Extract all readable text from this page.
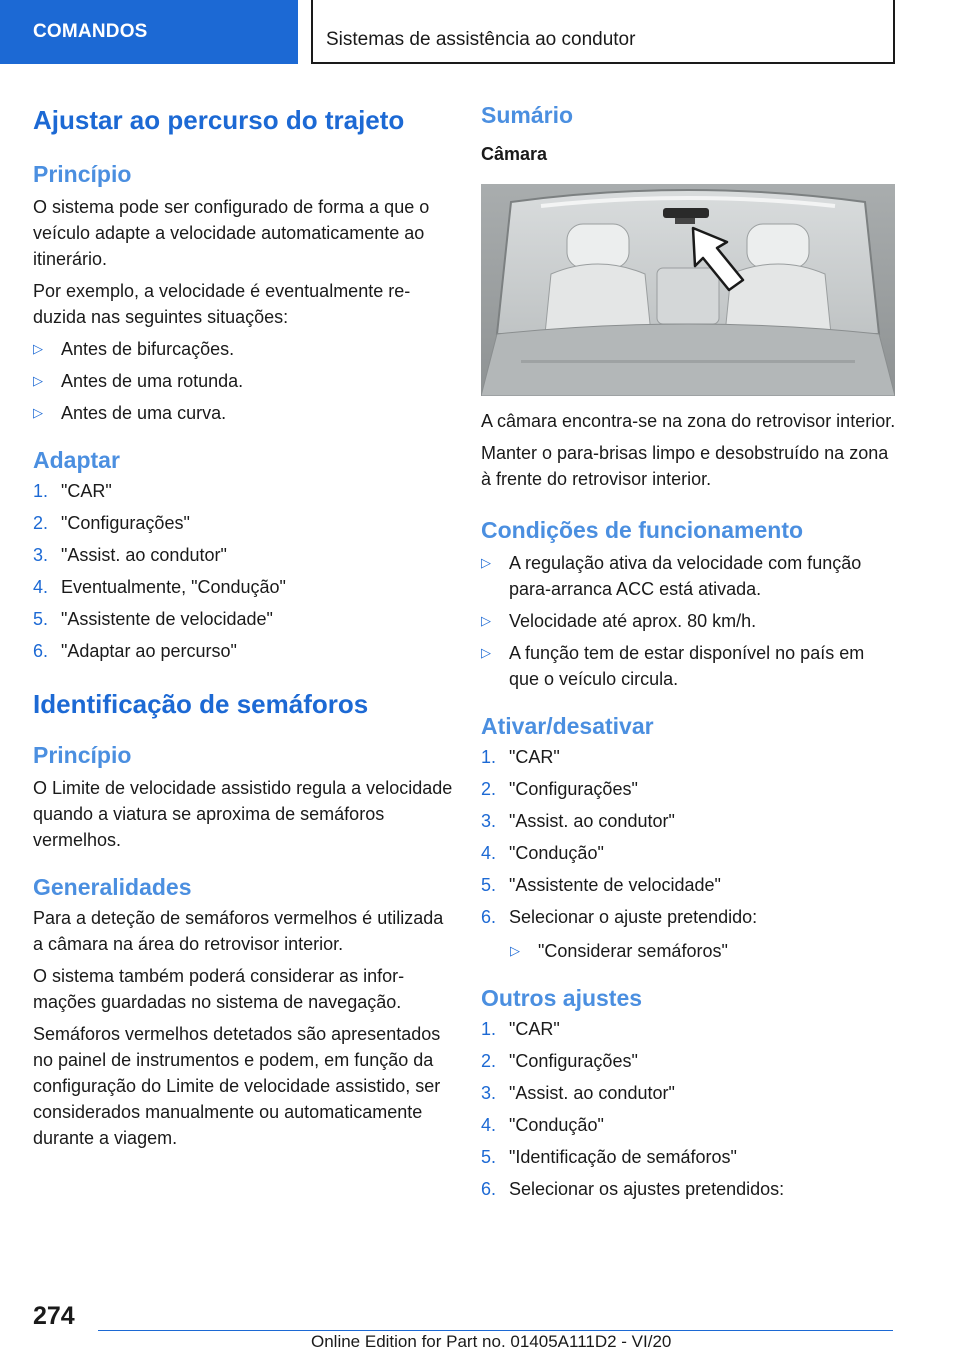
COMANDOS	Sistemas de assistência ao condutor
Ajustar ao percurso do trajeto
Princípio

O sistema pode ser configurado de forma a que o veículo adapte a velocidade automaticamente ao itinerário.

Por exemplo, a velocidade é eventualmente reduzida nas seguintes situações:

▷ Antes de bifurcações.
▷ Antes de uma rotunda.
▷ Antes de uma curva.
Adaptar
1. "CAR"
2. "Configurações"
3. "Assist. ao condutor"
4. Eventualmente, "Condução"
5. "Assistente de velocidade"
6. "Adaptar ao percurso"
Identificação de semáforos
Princípio

O Limite de velocidade assistido regula a velocidade quando a viatura se aproxima de semáforos vermelhos.

Generalidades

Para a deteção de semáforos vermelhos é utilizada a câmara na área do retrovisor interior.

O sistema também poderá considerar as informações guardadas no sistema de navegação.

Semáforos vermelhos detetados são apresentados no painel de instrumentos e podem, em função da configuração do Limite de velocidade assistido, ser considerados manualmente ou automaticamente durante a viagem.

Sumário
Câmara

A câmara encontra-se na zona do retrovisor interior.

Manter o para-brisas limpo e desobstruído na zona à frente do retrovisor interior.

Condições de funcionamento
▷ A regulação ativa da velocidade com função para-arranca ACC está ativada.
▷ Velocidade até aprox. 80 km/h.
▷ A função tem de estar disponível no país em que o veículo circula.
Ativar/desativar
1. "CAR"
2. "Configurações"
3. "Assist. ao condutor"
4. "Condução"
5. "Assistente de velocidade"
6. Selecionar o ajuste pretendido:
▷ "Considerar semáforos"
Outros ajustes
1. "CAR"
2. "Configurações"
3. "Assist. ao condutor"
4. "Condução"
5. "Identificação de semáforos"
6. Selecionar os ajustes pretendidos:
274
Online Edition for Part no. 01405A111D2 - VI/20
